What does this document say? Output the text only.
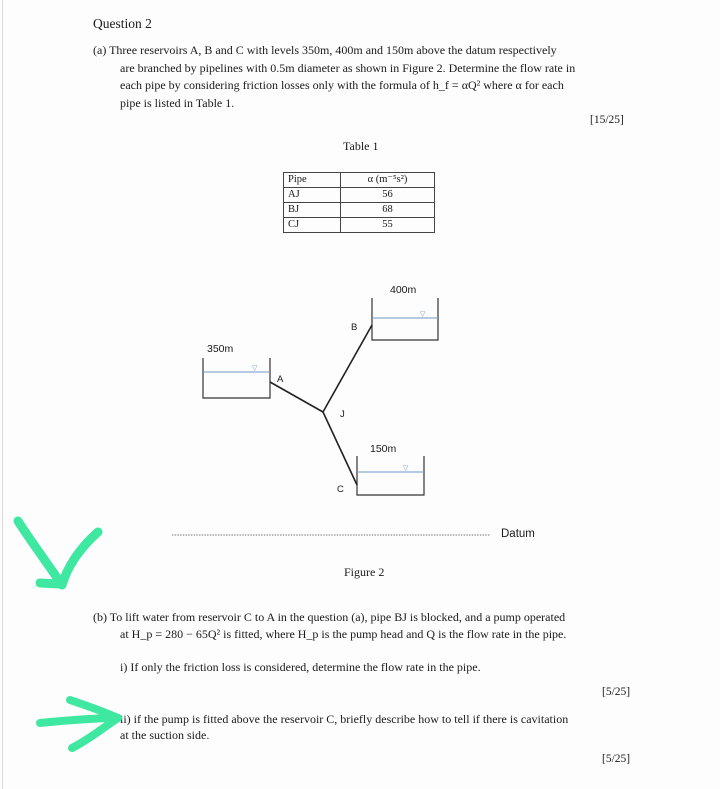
Question 2
(a) Three reservoirs A, B and C with levels 350m, 400m and 150m above the datum respectively
are branched by pipelines with 0.5m diameter as shown in Figure 2. Determine the flow rate in
each pipe by considering friction losses only with the formula of h_f = αQ² where α for each
pipe is listed in Table 1.
[15/25]
Table 1
Pipe	α (m⁻⁵s²)
AJ	56
BJ	68
CJ	55
▽
▽
▽
400m
B
350m
A
J
150m
C
Datum
Figure 2
(b) To lift water from reservoir C to A in the question (a), pipe BJ is blocked, and a pump operated
at H_p = 280 − 65Q² is fitted, where H_p is the pump head and Q is the flow rate in the pipe.
i) If only the friction loss is considered, determine the flow rate in the pipe.
[5/25]
ii) if the pump is fitted above the reservoir C, briefly describe how to tell if there is cavitation
at the suction side.
[5/25]
